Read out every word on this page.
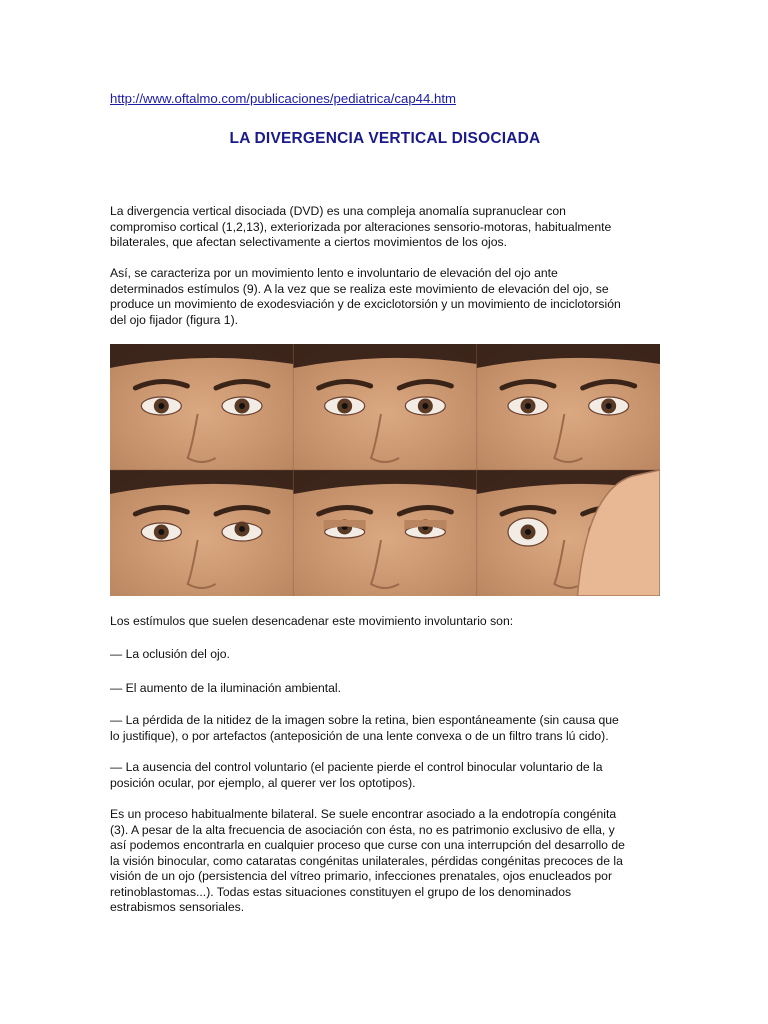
http://www.oftalmo.com/publicaciones/pediatrica/cap44.htm
LA DIVERGENCIA VERTICAL DISOCIADA

La divergencia vertical disociada (DVD) es una compleja anomalía supranuclear con
compromiso cortical (1,2,13), exteriorizada por alteraciones sensorio-motoras, habitualmente
bilaterales, que afectan selectivamente a ciertos movimientos de los ojos.

Así, se caracteriza por un movimiento lento e involuntario de elevación del ojo ante
determinados estímulos (9). A la vez que se realiza este movimiento de elevación del ojo, se
produce un movimiento de exodesviación y de exciclotorsión y un movimiento de inciclotorsión
del ojo fijador (figura 1).

Los estímulos que suelen desencadenar este movimiento involuntario son:

— La oclusión del ojo.

— El aumento de la iluminación ambiental.

— La pérdida de la nitidez de la imagen sobre la retina, bien espontáneamente (sin causa que
lo justifique), o por artefactos (anteposición de una lente convexa o de un filtro trans lú cido).

— La ausencia del control voluntario (el paciente pierde el control binocular voluntario de la
posición ocular, por ejemplo, al querer ver los optotipos).

Es un proceso habitualmente bilateral. Se suele encontrar asociado a la endotropía congénita
(3). A pesar de la alta frecuencia de asociación con ésta, no es patrimonio exclusivo de ella, y
así podemos encontrarla en cualquier proceso que curse con una interrupción del desarrollo de
la visión binocular, como cataratas congénitas unilaterales, pérdidas congénitas precoces de la
visión de un ojo (persistencia del vítreo primario, infecciones prenatales, ojos enucleados por
retinoblastomas...). Todas estas situaciones constituyen el grupo de los denominados
estrabismos sensoriales.
